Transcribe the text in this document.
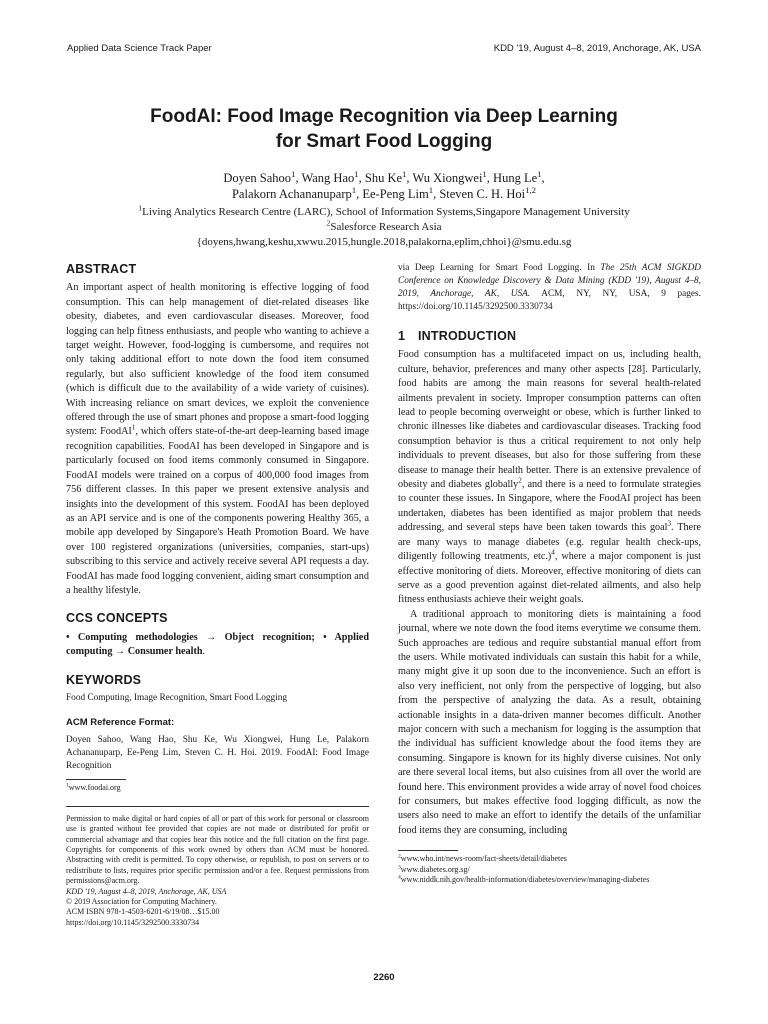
Applied Data Science Track Paper	KDD '19, August 4–8, 2019, Anchorage, AK, USA
FoodAI: Food Image Recognition via Deep Learning
for Smart Food Logging
Doyen Sahoo$^1$, Wang Hao$^1$, Shu Ke$^1$, Wu Xiongwei$^1$, Hung Le$^1$,
Palakorn Achananuparp$^1$, Ee-Peng Lim$^1$, Steven C. H. Hoi$^{1,2}$
$^1$Living Analytics Research Centre (LARC), School of Information Systems,Singapore Management University
$^2$Salesforce Research Asia
{doyens,hwang,keshu,xwwu.2015,hungle.2018,palakorna,eplim,chhoi}@smu.edu.sg
ABSTRACT

An important aspect of health monitoring is effective logging of food consumption. This can help management of diet-related diseases like obesity, diabetes, and even cardiovascular diseases. Moreover, food logging can help fitness enthusiasts, and people who wanting to achieve a target weight. However, food-logging is cumbersome, and requires not only taking additional effort to note down the food item consumed regularly, but also sufficient knowledge of the food item consumed (which is difficult due to the availability of a wide variety of cuisines). With increasing reliance on smart devices, we exploit the convenience offered through the use of smart phones and propose a smart-food logging system: FoodAI$^1$, which offers state-of-the-art deep-learning based image recognition capabilities. FoodAI has been developed in Singapore and is particularly focused on food items commonly consumed in Singapore. FoodAI models were trained on a corpus of 400,000 food images from 756 different classes. In this paper we present extensive analysis and insights into the development of this system. FoodAI has been deployed as an API service and is one of the components powering Healthy 365, a mobile app developed by Singapore's Heath Promotion Board. We have over 100 registered organizations (universities, companies, start-ups) subscribing to this service and actively receive several API requests a day. FoodAI has made food logging convenient, aiding smart consumption and a healthy lifestyle.

CCS CONCEPTS

• Computing methodologies → Object recognition; • Applied computing → Consumer health.

KEYWORDS

Food Computing, Image Recognition, Smart Food Logging

ACM Reference Format:

Doyen Sahoo, Wang Hao, Shu Ke, Wu Xiongwei, Hung Le, Palakorn Achananuparp, Ee-Peng Lim, Steven C. H. Hoi. 2019. FoodAI: Food Image Recognition

$^1$www.foodai.org

Permission to make digital or hard copies of all or part of this work for personal or classroom use is granted without fee provided that copies are not made or distributed for profit or commercial advantage and that copies bear this notice and the full citation on the first page. Copyrights for components of this work owned by others than ACM must be honored. Abstracting with credit is permitted. To copy otherwise, or republish, to post on servers or to redistribute to lists, requires prior specific permission and/or a fee. Request permissions from permissions@acm.org.

KDD '19, August 4–8, 2019, Anchorage, AK, USA
© 2019 Association for Computing Machinery.
ACM ISBN 978-1-4503-6201-6/19/08…$15.00
https://doi.org/10.1145/3292500.3330734

via Deep Learning for Smart Food Logging. In The 25th ACM SIGKDD Conference on Knowledge Discovery & Data Mining (KDD '19), August 4–8, 2019, Anchorage, AK, USA. ACM, NY, NY, USA, 9 pages. https://doi.org/10.1145/3292500.3330734

1 INTRODUCTION

Food consumption has a multifaceted impact on us, including health, culture, behavior, preferences and many other aspects [28]. Particularly, food habits are among the main reasons for several health-related ailments prevalent in society. Improper consumption patterns can often lead to people becoming overweight or obese, which is further linked to chronic illnesses like diabetes and cardiovascular diseases. Tracking food consumption behavior is thus a critical requirement to not only help individuals to prevent diseases, but also for those suffering from these disease to manage their health better. There is an extensive prevalence of obesity and diabetes globally$^2$, and there is a need to formulate strategies to counter these issues. In Singapore, where the FoodAI project has been undertaken, diabetes has been identified as major problem that needs addressing, and several steps have been taken towards this goal$^3$. There are many ways to manage diabetes (e.g. regular health check-ups, diligently following treatments, etc.)$^4$, where a major component is just effective monitoring of diets. Moreover, effective monitoring of diets can serve as a good prevention against diet-related ailments, and also help fitness enthusiasts achieve their weight goals.

A traditional approach to monitoring diets is maintaining a food journal, where we note down the food items everytime we consume them. Such approaches are tedious and require substantial manual effort from the users. While motivated individuals can sustain this habit for a while, many might give it up soon due to the inconvenience. Such an effort is also very inefficient, not only from the perspective of logging, but also from the perspective of analyzing the data. As a result, obtaining actionable insights in a data-driven manner becomes difficult. Another major concern with such a mechanism for logging is the assumption that the individual has sufficient knowledge about the food items they are consuming. Singapore is known for its highly diverse cuisines. Not only are there several local items, but also cuisines from all over the world are found here. This environment provides a wide array of novel food choices for consumers, but makes effective food logging difficult, as now the users also need to make an effort to identify the details of the unfamiliar food items they are consuming, including

$^2$www.who.int/news-room/fact-sheets/detail/diabetes
$^3$www.diabetes.org.sg/
$^4$www.niddk.nih.gov/health-information/diabetes/overview/managing-diabetes
2260
